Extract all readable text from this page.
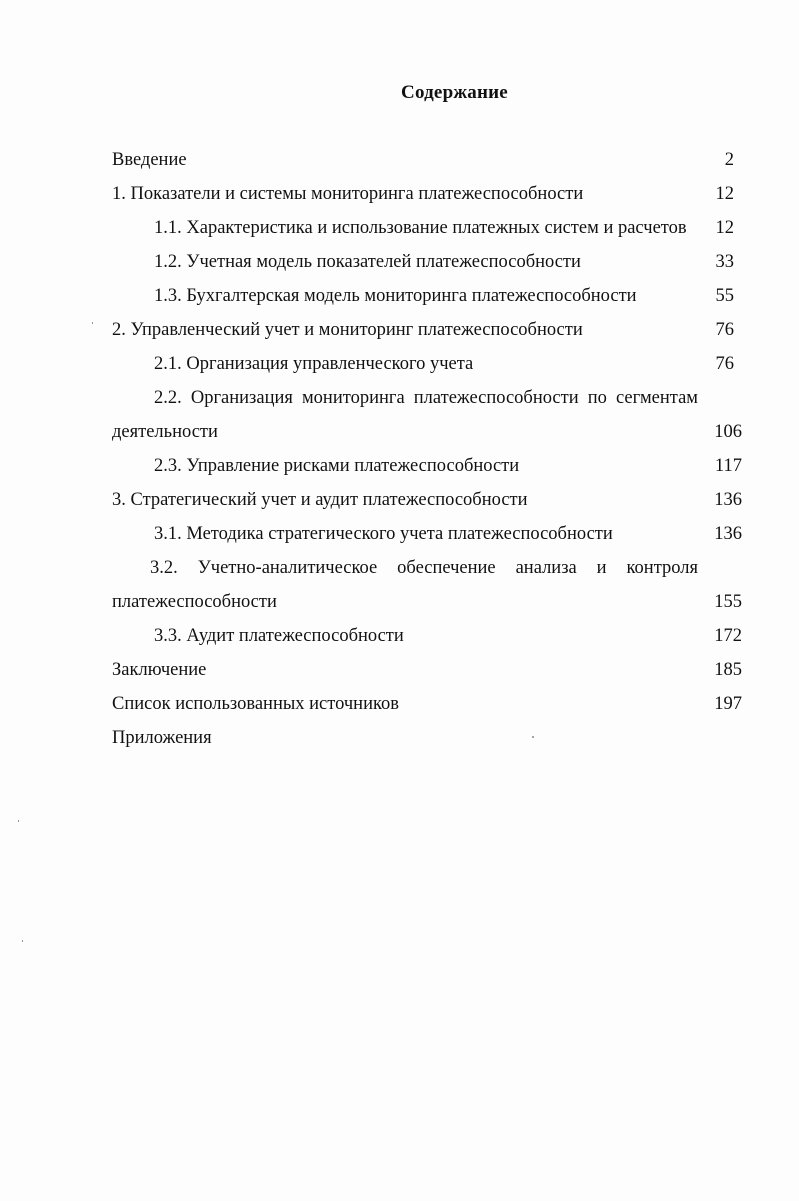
Содержание
Введение	2
1. Показатели и системы мониторинга платежеспособности	12
1.1. Характеристика и использование платежных систем и расчетов 12
1.2. Учетная модель показателей платежеспособности	33
1.3. Бухгалтерская модель мониторинга платежеспособности	55
2. Управленческий учет и мониторинг платежеспособности	76
2.1. Организация управленческого учета	76
2.2. Организация мониторинга платежеспособности по сегментам
деятельности	106
2.3. Управление рисками платежеспособности	117
3. Стратегический учет и аудит платежеспособности	136
3.1. Методика стратегического учета платежеспособности	136
3.2. Учетно-аналитическое обеспечение анализа и контроля
платежеспособности	155
3.3. Аудит платежеспособности	172
Заключение	185
Список использованных источников	197
Приложения
